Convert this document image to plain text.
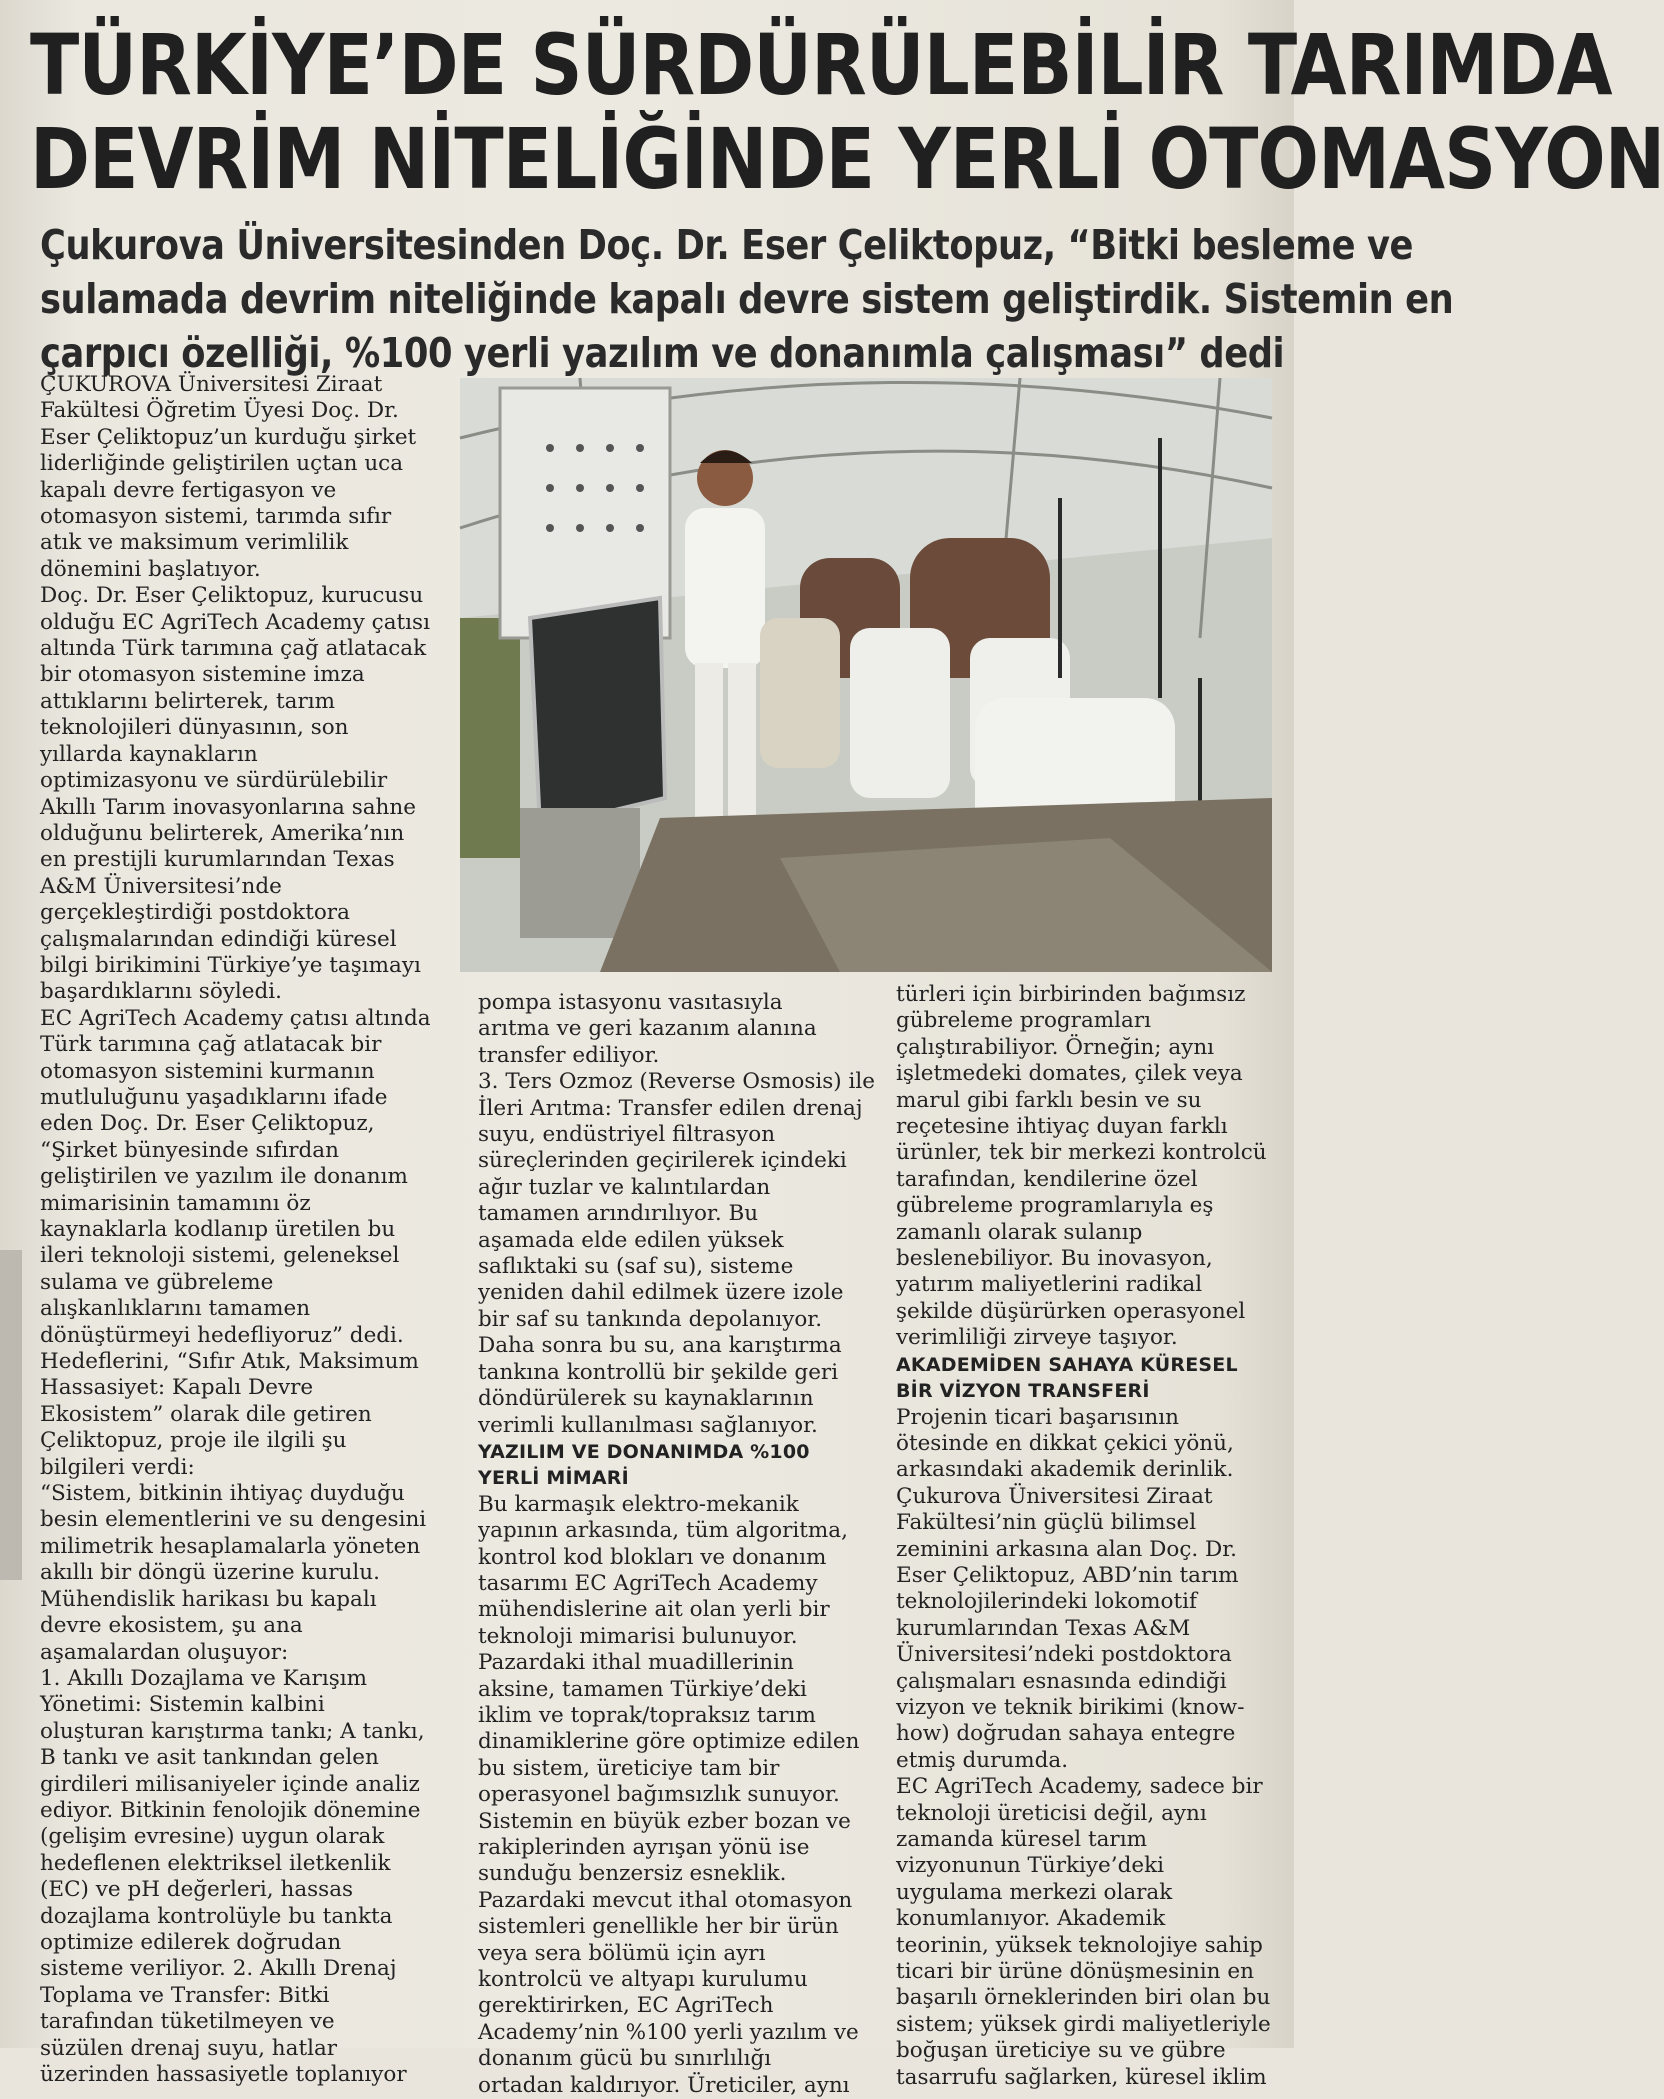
TÜRKİYE’DE SÜRDÜRÜLEBİLİR TARIMDA
DEVRİM NİTELİĞİNDE YERLİ OTOMASYON
Çukurova Üniversitesinden Doç. Dr. Eser Çeliktopuz, “Bitki besleme ve
sulamada devrim niteliğinde kapalı devre sistem geliştirdik. Sistemin en
çarpıcı özelliği, %100 yerli yazılım ve donanımla çalışması” dedi

ÇUKUROVA Üniversitesi Ziraat

Fakültesi Öğretim Üyesi Doç. Dr.

Eser Çeliktopuz’un kurduğu şirket

liderliğinde geliştirilen uçtan uca

kapalı devre fertigasyon ve

otomasyon sistemi, tarımda sıfır

atık ve maksimum verimlilik

dönemini başlatıyor.

Doç. Dr. Eser Çeliktopuz, kurucusu

olduğu EC AgriTech Academy çatısı

altında Türk tarımına çağ atlatacak

bir otomasyon sistemine imza

attıklarını belirterek, tarım

teknolojileri dünyasının, son

yıllarda kaynakların

optimizasyonu ve sürdürülebilir

Akıllı Tarım inovasyonlarına sahne

olduğunu belirterek, Amerika’nın

en prestijli kurumlarından Texas

A&M Üniversitesi’nde

gerçekleştirdiği postdoktora

çalışmalarından edindiği küresel

bilgi birikimini Türkiye’ye taşımayı

başardıklarını söyledi.

EC AgriTech Academy çatısı altında

Türk tarımına çağ atlatacak bir

otomasyon sistemini kurmanın

mutluluğunu yaşadıklarını ifade

eden Doç. Dr. Eser Çeliktopuz,

“Şirket bünyesinde sıfırdan

geliştirilen ve yazılım ile donanım

mimarisinin tamamını öz

kaynaklarla kodlanıp üretilen bu

ileri teknoloji sistemi, geleneksel

sulama ve gübreleme

alışkanlıklarını tamamen

dönüştürmeyi hedefliyoruz” dedi.

Hedeflerini, “Sıfır Atık, Maksimum

Hassasiyet: Kapalı Devre

Ekosistem” olarak dile getiren

Çeliktopuz, proje ile ilgili şu

bilgileri verdi:

“Sistem, bitkinin ihtiyaç duyduğu

besin elementlerini ve su dengesini

milimetrik hesaplamalarla yöneten

akıllı bir döngü üzerine kurulu.

Mühendislik harikası bu kapalı

devre ekosistem, şu ana

aşamalardan oluşuyor:

1. Akıllı Dozajlama ve Karışım

Yönetimi: Sistemin kalbini

oluşturan karıştırma tankı; A tankı,

B tankı ve asit tankından gelen

girdileri milisaniyeler içinde analiz

ediyor. Bitkinin fenolojik dönemine

(gelişim evresine) uygun olarak

hedeflenen elektriksel iletkenlik

(EC) ve pH değerleri, hassas

dozajlama kontrolüyle bu tankta

optimize edilerek doğrudan

sisteme veriliyor. 2. Akıllı Drenaj

Toplama ve Transfer: Bitki

tarafından tüketilmeyen ve

süzülen drenaj suyu, hatlar

üzerinden hassasiyetle toplanıyor

pompa istasyonu vasıtasıyla

arıtma ve geri kazanım alanına

transfer ediliyor.

3. Ters Ozmoz (Reverse Osmosis) ile

İleri Arıtma: Transfer edilen drenaj

suyu, endüstriyel filtrasyon

süreçlerinden geçirilerek içindeki

ağır tuzlar ve kalıntılardan

tamamen arındırılıyor. Bu

aşamada elde edilen yüksek

saflıktaki su (saf su), sisteme

yeniden dahil edilmek üzere izole

bir saf su tankında depolanıyor.

Daha sonra bu su, ana karıştırma

tankına kontrollü bir şekilde geri

döndürülerek su kaynaklarının

verimli kullanılması sağlanıyor.

YAZILIM VE DONANIMDA %100

YERLİ MİMARİ

Bu karmaşık elektro-mekanik

yapının arkasında, tüm algoritma,

kontrol kod blokları ve donanım

tasarımı EC AgriTech Academy

mühendislerine ait olan yerli bir

teknoloji mimarisi bulunuyor.

Pazardaki ithal muadillerinin

aksine, tamamen Türkiye’deki

iklim ve toprak/topraksız tarım

dinamiklerine göre optimize edilen

bu sistem, üreticiye tam bir

operasyonel bağımsızlık sunuyor.

Sistemin en büyük ezber bozan ve

rakiplerinden ayrışan yönü ise

sunduğu benzersiz esneklik.

Pazardaki mevcut ithal otomasyon

sistemleri genellikle her bir ürün

veya sera bölümü için ayrı

kontrolcü ve altyapı kurulumu

gerektirirken, EC AgriTech

Academy’nin %100 yerli yazılım ve

donanım gücü bu sınırlılığı

ortadan kaldırıyor. Üreticiler, aynı

türleri için birbirinden bağımsız

gübreleme programları

çalıştırabiliyor. Örneğin; aynı

işletmedeki domates, çilek veya

marul gibi farklı besin ve su

reçetesine ihtiyaç duyan farklı

ürünler, tek bir merkezi kontrolcü

tarafından, kendilerine özel

gübreleme programlarıyla eş

zamanlı olarak sulanıp

beslenebiliyor. Bu inovasyon,

yatırım maliyetlerini radikal

şekilde düşürürken operasyonel

verimliliği zirveye taşıyor.

AKADEMİDEN SAHAYA KÜRESEL

BİR VİZYON TRANSFERİ

Projenin ticari başarısının

ötesinde en dikkat çekici yönü,

arkasındaki akademik derinlik.

Çukurova Üniversitesi Ziraat

Fakültesi’nin güçlü bilimsel

zeminini arkasına alan Doç. Dr.

Eser Çeliktopuz, ABD’nin tarım

teknolojilerindeki lokomotif

kurumlarından Texas A&M

Üniversitesi’ndeki postdoktora

çalışmaları esnasında edindiği

vizyon ve teknik birikimi (know-

how) doğrudan sahaya entegre

etmiş durumda.

EC AgriTech Academy, sadece bir

teknoloji üreticisi değil, aynı

zamanda küresel tarım

vizyonunun Türkiye’deki

uygulama merkezi olarak

konumlanıyor. Akademik

teorinin, yüksek teknolojiye sahip

ticari bir ürüne dönüşmesinin en

başarılı örneklerinden biri olan bu

sistem; yüksek girdi maliyetleriyle

boğuşan üreticiye su ve gübre

tasarrufu sağlarken, küresel iklim
